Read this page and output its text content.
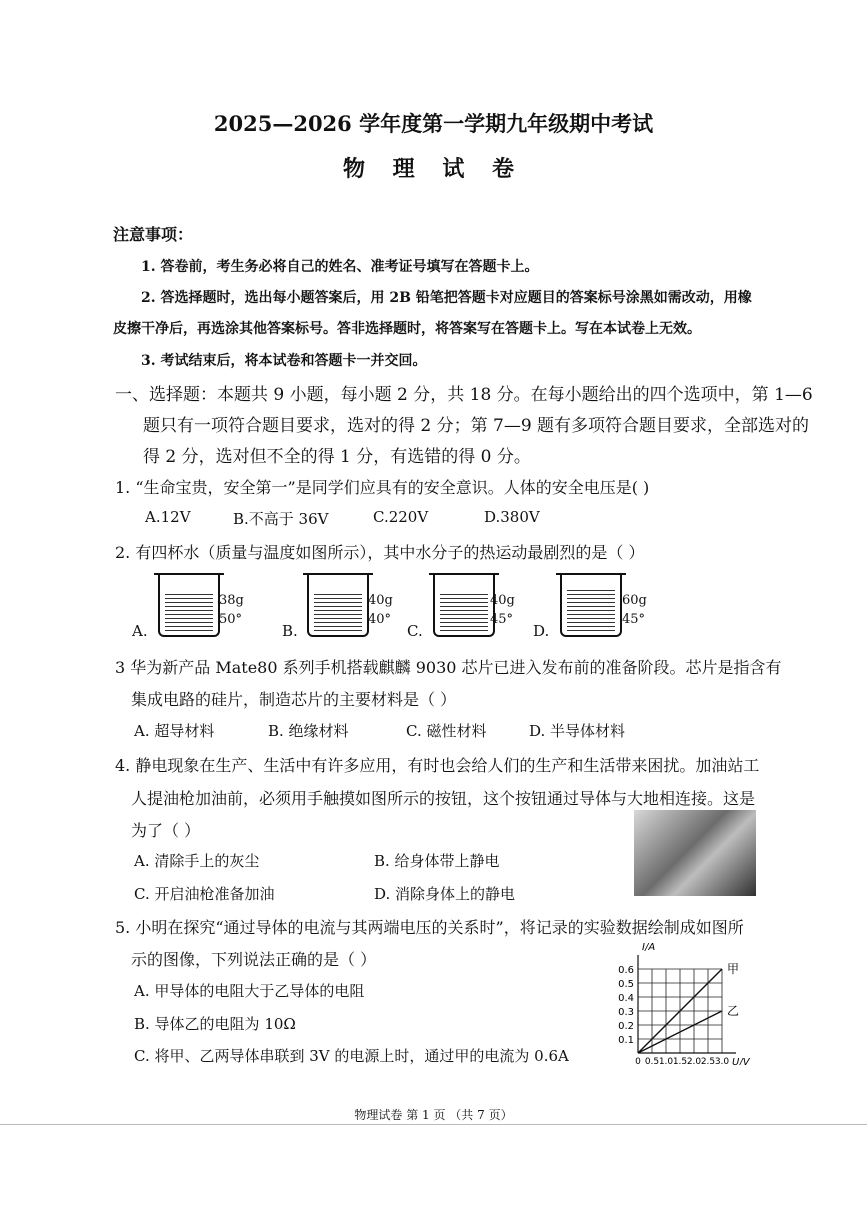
2025—2026 学年度第一学期九年级期中考试
物 理 试 卷
注意事项：
1. 答卷前，考生务必将自己的姓名、准考证号填写在答题卡上。
2. 答选择题时，选出每小题答案后，用 2B 铅笔把答题卡对应题目的答案标号涂黑如需改动，用橡
皮擦干净后，再选涂其他答案标号。答非选择题时，将答案写在答题卡上。写在本试卷上无效。
3. 考试结束后，将本试卷和答题卡一并交回。
一、选择题：本题共 9 小题，每小题 2 分，共 18 分。在每小题给出的四个选项中，第 1—6
题只有一项符合题目要求，选对的得 2 分；第 7—9 题有多项符合题目要求，全部选对的
得 2 分，选对但不全的得 1 分，有选错的得 0 分。
1. “生命宝贵，安全第一”是同学们应具有的安全意识。人体的安全电压是( )
A.12V	B.不高于 36V	C.220V	D.380V
2. 有四杯水（质量与温度如图所示），其中水分子的热运动最剧烈的是（ ）
A.
38g
50°
B.
40g
40°
C.
40g
45°
D.
60g
45°
3 华为新产品 Mate80 系列手机搭载麒麟 9030 芯片已进入发布前的准备阶段。芯片是指含有
集成电路的硅片，制造芯片的主要材料是（ ）
A. 超导材料	B. 绝缘材料	C. 磁性材料	D. 半导体材料
4. 静电现象在生产、生活中有许多应用，有时也会给人们的生产和生活带来困扰。加油站工
人提油枪加油前，必须用手触摸如图所示的按钮，这个按钮通过导体与大地相连接。这是
为了（ ）
A. 清除手上的灰尘	B. 给身体带上静电
C. 开启油枪准备加油	D. 消除身体上的静电
5. 小明在探究“通过导体的电流与其两端电压的关系时”，将记录的实验数据绘制成如图所
示的图像，下列说法正确的是（ ）
A. 甲导体的电阻大于乙导体的电阻
B. 导体乙的电阻为 10Ω
C. 将甲、乙两导体串联到 3V 的电源上时，通过甲的电流为 0.6A
甲
乙
0.6
0.5
0.4
0.3
0.2
0.1
0 0.5 1.0 1.5 2.0 2.5 3.0
I/A
U/V
物理试卷 第 1 页 （共 7 页）
